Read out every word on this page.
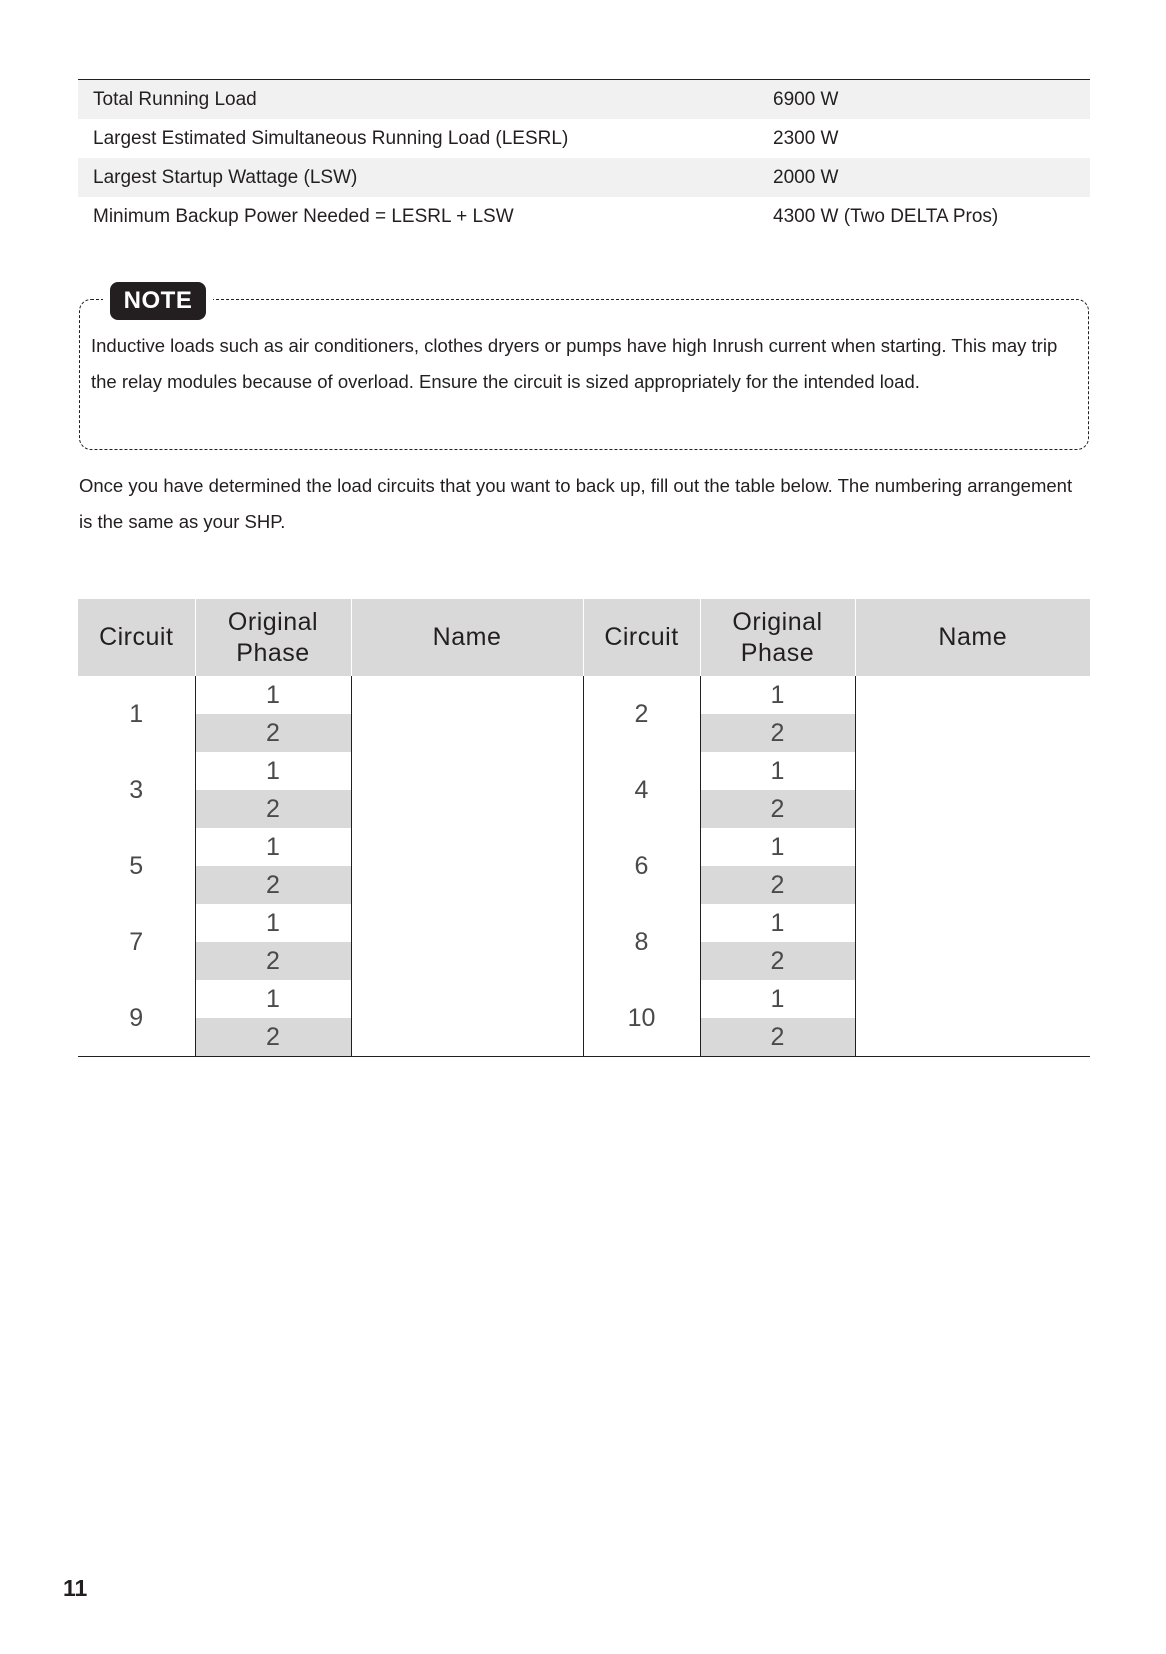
Total Running Load	6900 W
Largest Estimated Simultaneous Running Load (LESRL)	2300 W
Largest Startup Wattage (LSW)	2000 W
Minimum Backup Power Needed = LESRL + LSW	4300 W (Two DELTA Pros)
NOTE

Inductive loads such as air conditioners, clothes dryers or pumps have high Inrush current when starting. This may trip the relay modules because of overload. Ensure the circuit is sized appropriately for the intended load.

Once you have determined the load circuits that you want to back up, fill out the table below. The numbering arrangement is the same as your SHP.

Circuit	Original Phase	Name	Circuit	Original Phase	Name
1	1		2	1	
	2			2	
3	1		4	1	
	2			2	
5	1		6	1	
	2			2	
7	1		8	1	
	2			2	
9	1		10	1	
	2			2	
11
